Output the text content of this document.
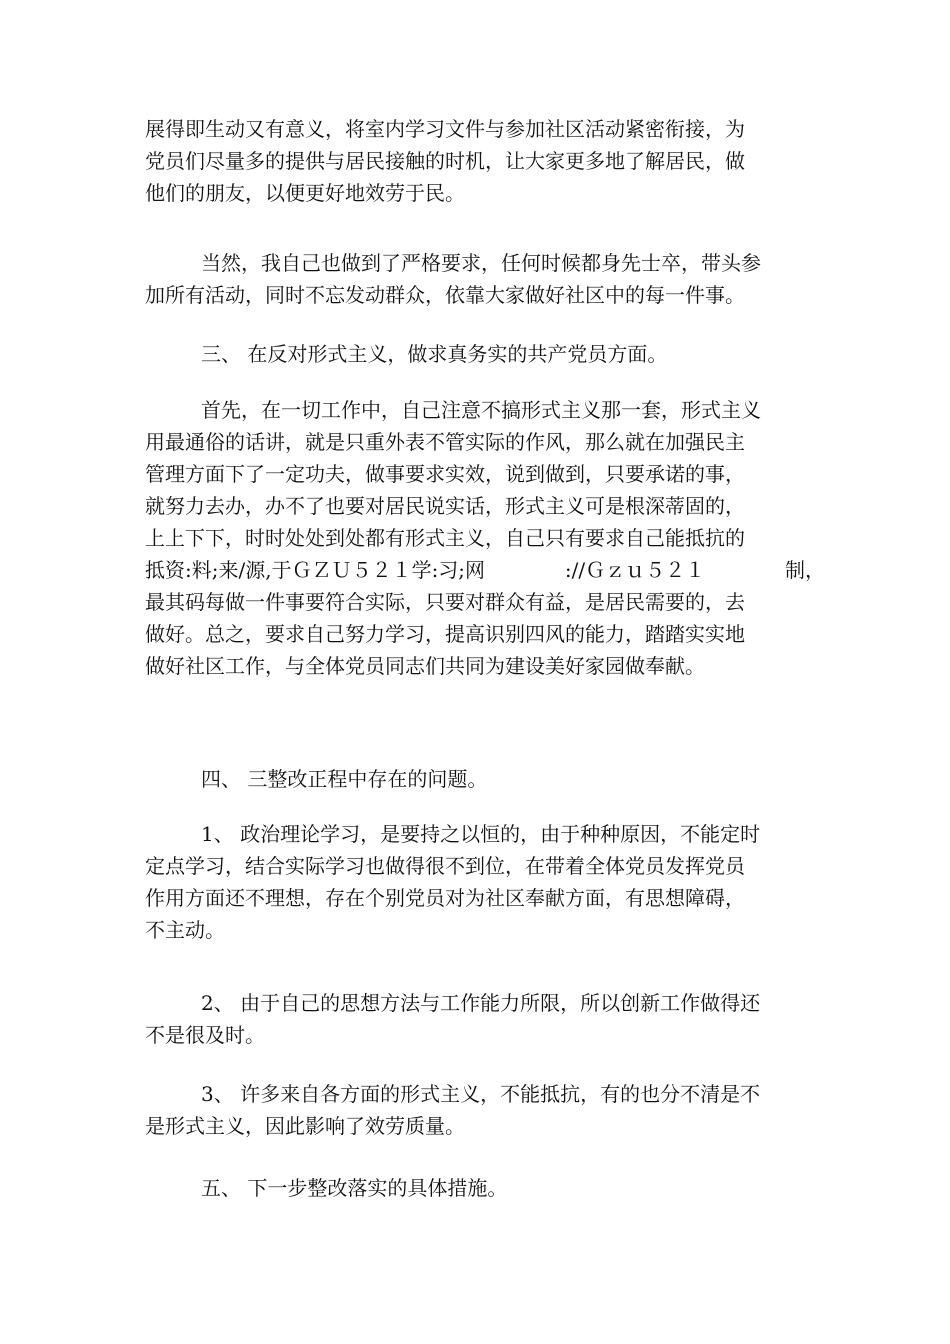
展得即生动又有意义，将室内学习文件与参加社区活动紧密衔接，为
党员们尽量多的提供与居民接触的时机，让大家更多地了解居民，做
他们的朋友，以便更好地效劳于民。
当然，我自己也做到了严格要求，任何时候都身先士卒，带头参
加所有活动，同时不忘发动群众，依靠大家做好社区中的每一件事。
三、 在反对形式主义，做求真务实的共产党员方面。
首先，在一切工作中，自己注意不搞形式主义那一套，形式主义
用最通俗的话讲，就是只重外表不管实际的作风，那么就在加强民主
管理方面下了一定功夫，做事要求实效，说到做到，只要承诺的事，
就努力去办，办不了也要对居民说实话，形式主义可是根深蒂固的，
上上下下，时时处处到处都有形式主义，自己只有要求自己能抵抗的
抵资:料;来/源,于ＧＺＵ５２１学:习;网	://Ｇｚｕ５２１	制，
最其码每做一件事要符合实际，只要对群众有益，是居民需要的，去
做好。总之，要求自己努力学习，提高识别四风的能力，踏踏实实地
做好社区工作，与全体党员同志们共同为建设美好家园做奉献。
四、 三整改正程中存在的问题。
1、 政治理论学习，是要持之以恒的，由于种种原因，不能定时
定点学习，结合实际学习也做得很不到位，在带着全体党员发挥党员
作用方面还不理想，存在个别党员对为社区奉献方面，有思想障碍，
不主动。
2、 由于自己的思想方法与工作能力所限，所以创新工作做得还
不是很及时。
3、 许多来自各方面的形式主义，不能抵抗，有的也分不清是不
是形式主义，因此影响了效劳质量。
五、 下一步整改落实的具体措施。
